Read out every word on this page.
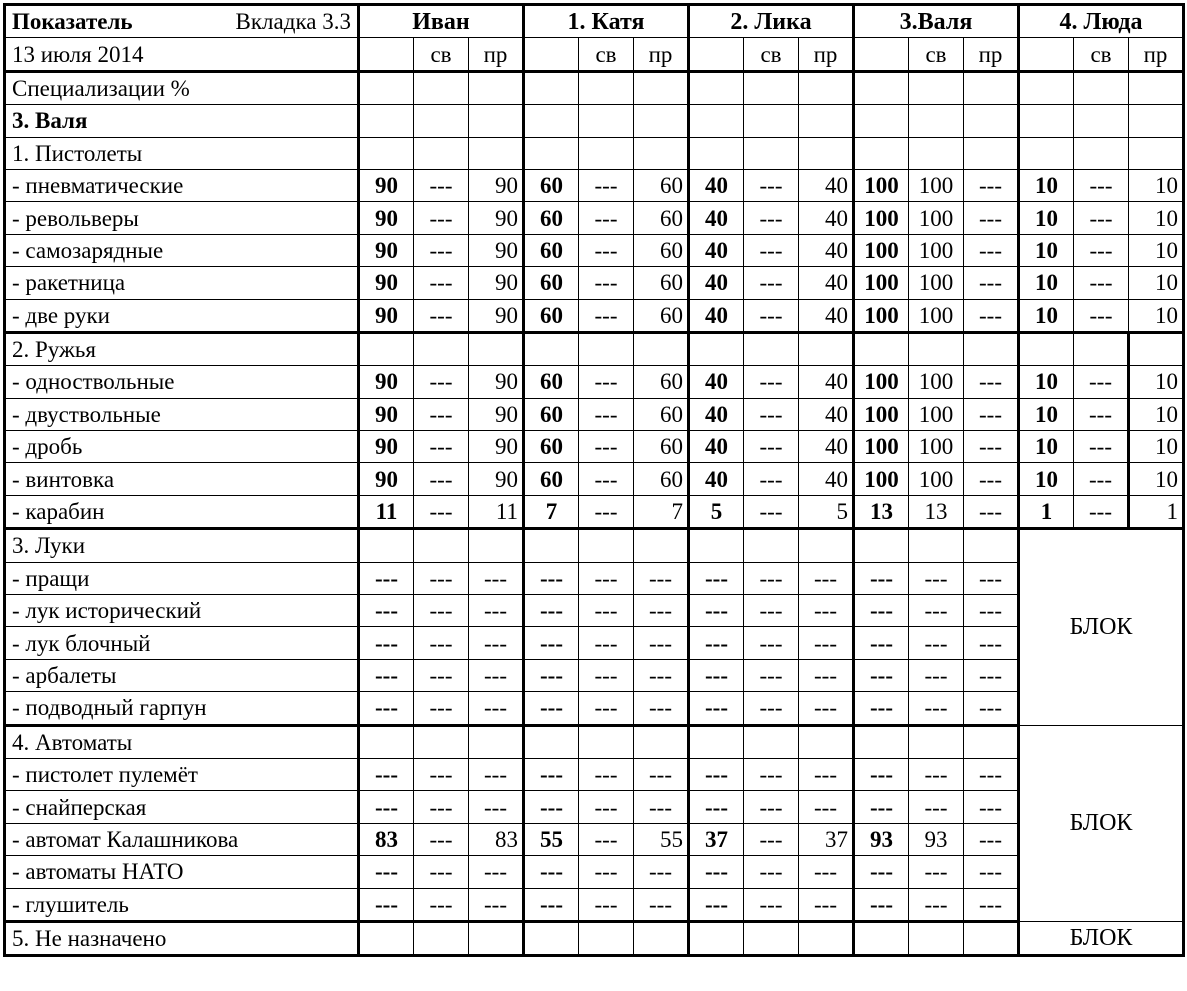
Показатель Вкладка 3.3	Иван			1. Катя			2. Лика			3.Валя			4. Люда		
13 июля 2014		св	пр		св	пр		св	пр		св	пр		св	пр
Специализации %															
3. Валя															
1. Пистолеты															
- пневматические	90	---	90	60	---	60	40	---	40	100	100	---	10	---	10
- револьверы	90	---	90	60	---	60	40	---	40	100	100	---	10	---	10
- самозарядные	90	---	90	60	---	60	40	---	40	100	100	---	10	---	10
- ракетница	90	---	90	60	---	60	40	---	40	100	100	---	10	---	10
- две руки	90	---	90	60	---	60	40	---	40	100	100	---	10	---	10
2. Ружья															
- одноствольные	90	---	90	60	---	60	40	---	40	100	100	---	10	---	10
- двуствольные	90	---	90	60	---	60	40	---	40	100	100	---	10	---	10
- дробь	90	---	90	60	---	60	40	---	40	100	100	---	10	---	10
- винтовка	90	---	90	60	---	60	40	---	40	100	100	---	10	---	10
- карабин	11	---	11	7	---	7	5	---	5	13	13	---	1	---	1
3. Луки													БЛОК		
- пращи	---	---	---	---	---	---	---	---	---	---	---	---			
- лук исторический	---	---	---	---	---	---	---	---	---	---	---	---			
- лук блочный	---	---	---	---	---	---	---	---	---	---	---	---			
- арбалеты	---	---	---	---	---	---	---	---	---	---	---	---			
- подводный гарпун	---	---	---	---	---	---	---	---	---	---	---	---			
4. Автоматы													БЛОК		
- пистолет пулемёт	---	---	---	---	---	---	---	---	---	---	---	---			
- снайперская	---	---	---	---	---	---	---	---	---	---	---	---			
- автомат Калашникова	83	---	83	55	---	55	37	---	37	93	93	---			
- автоматы НАТО	---	---	---	---	---	---	---	---	---	---	---	---			
- глушитель	---	---	---	---	---	---	---	---	---	---	---	---			
5. Не назначено													БЛОК		
